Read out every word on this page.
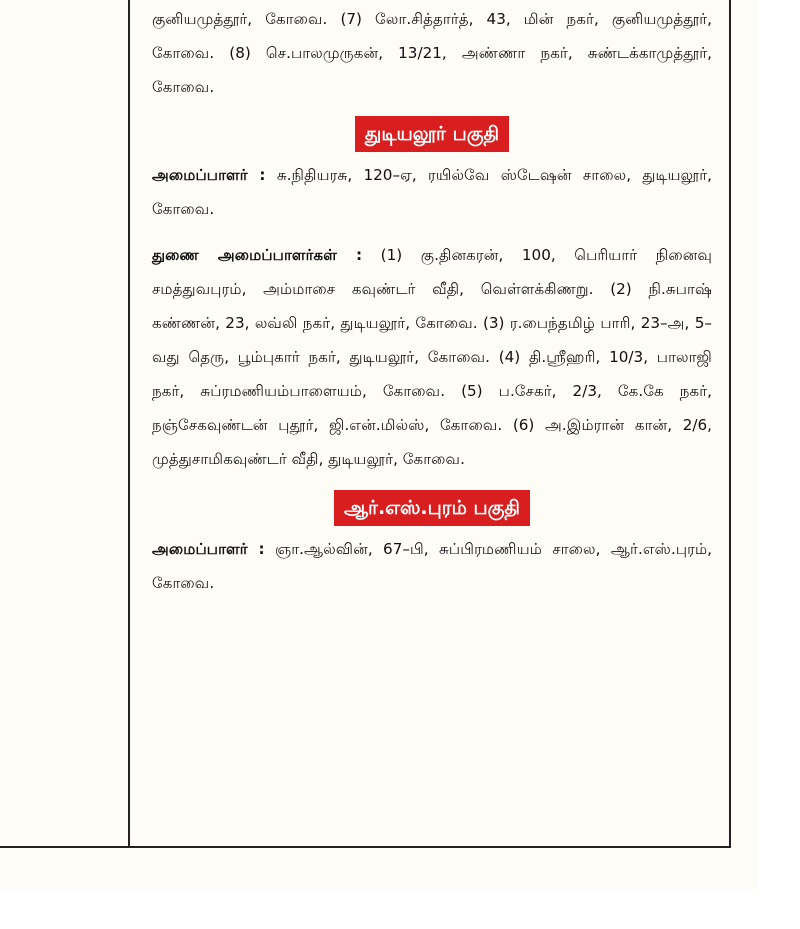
குனியமுத்தூர், கோவை. (7) லோ.சித்தார்த், 43, மின் நகர், குனியமுத்தூர், கோவை. (8) செ.பாலமுருகன், 13/21, அண்ணா நகர், சுண்டக்காமுத்தூர், கோவை.

துடியலூர் பகுதி

அமைப்பாளர் : சு.நிதியரசு, 120–ஏ, ரயில்வே ஸ்டேஷன் சாலை, துடியலூர், கோவை.

துணை அமைப்பாளர்கள் : (1) கு.தினகரன், 100, பெரியார் நினைவு சமத்துவபுரம், அம்மாசை கவுண்டர் வீதி, வெள்ளக்கிணறு. (2) நி.சுபாஷ் கண்ணன், 23, லவ்லி நகர், துடியலூர், கோவை. (3) ர.பைந்தமிழ் பாரி, 23–அ, 5–வது தெரு, பூம்புகார் நகர், துடியலூர், கோவை. (4) தி.ஸ்ரீஹரி, 10/3, பாலாஜி நகர், சுப்ரமணியம்பாளையம், கோவை. (5) ப.சேகர், 2/3, கே.கே நகர், நஞ்சேகவுண்டன் புதூர், ஜி.என்.மில்ஸ், கோவை. (6) அ.இம்ரான் கான், 2/6, முத்துசாமிகவுண்டர் வீதி, துடியலூர், கோவை.

ஆர்.எஸ்.புரம் பகுதி

அமைப்பாளர் : ஞா.ஆல்வின், 67–பி, சுப்பிரமணியம் சாலை, ஆர்.எஸ்.புரம், கோவை.
